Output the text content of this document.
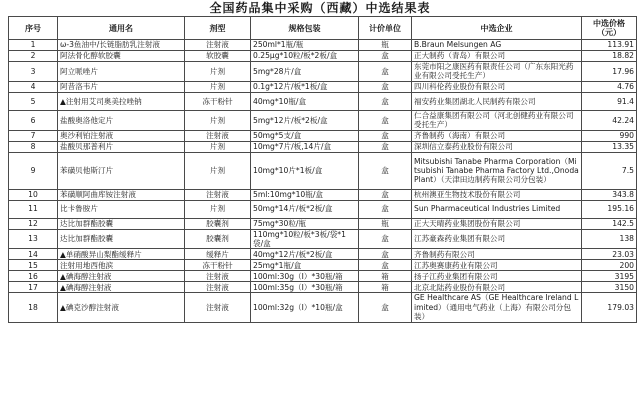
全国药品集中采购（西藏）中选结果表
序号	通用名	剂型	规格包装	计价单位	中选企业	中选价格（元）
1	ω-3鱼油中/长链脂肪乳注射液	注射液	250ml*1瓶/瓶	瓶	B.Braun Melsungen AG	113.91
2	阿法骨化醇软胶囊	软胶囊	0.25μg*10粒/板*2板/盒	盒	正大制药（青岛）有限公司	18.82
3	阿立哌唑片	片剂	5mg*28片/盒	盒	东莞市阳之康医药有限责任公司（广东东阳光药业有限公司受托生产）	17.96
4	阿昔洛韦片	片剂	0.1g*12片/板*1板/盒	盒	四川科伦药业股份有限公司	4.76
5	▲注射用艾司奥美拉唑钠	冻干粉针	40mg*10瓶/盒	盒	福安药业集团湖北人民制药有限公司	91.4
6	盐酸奥洛他定片	片剂	5mg*12片/板*2板/盒	盒	仁合益康集团有限公司（河北创健药业有限公司受托生产）	42.24
7	奥沙利铂注射液	注射液	50mg*5支/盒	盒	齐鲁制药（海南）有限公司	990
8	盐酸贝那普利片	片剂	10mg*7片/板,14片/盒	盒	深圳信立泰药业股份有限公司	13.35
9	苯磺贝他斯汀片	片剂	10mg*10片*1板/盒	盒	Mitsubishi Tanabe Pharma Corporation（Mitsubishi Tanabe Pharma Factory Ltd.,Onoda Plant）（天津田边制药有限公司分包装）	7.5
10	苯磺顺阿曲库铵注射液	注射液	5ml:10mg*10瓶/盒	盒	杭州澳亚生物技术股份有限公司	343.8
11	比卡鲁胺片	片剂	50mg*14片/板*2板/盒	盒	Sun Pharmaceutical Industries Limited	195.16
12	达比加群酯胶囊	胶囊剂	75mg*30粒/瓶	瓶	正大天晴药业集团股份有限公司	142.5
13	达比加群酯胶囊	胶囊剂	110mg*10粒/板*3板/袋*1袋/盒	盒	江苏豪森药业集团有限公司	138
14	▲单硝酸异山梨酯缓释片	缓释片	40mg*12片/板*2板/盒	盒	齐鲁制药有限公司	23.03
15	注射用地西他滨	冻干粉针	25mg*1瓶/盒	盒	江苏奥赛康药业有限公司	200
16	▲碘海醇注射液	注射液	100ml:30g（I）*30瓶/箱	箱	扬子江药业集团有限公司	3195
17	▲碘海醇注射液	注射液	100ml:35g（I）*30瓶/箱	箱	北京北陆药业股份有限公司	3150
18	▲碘克沙醇注射液	注射液	100ml:32g（I）*10瓶/盒	盒	GE Healthcare AS（GE Healthcare Ireland Limited）（通用电气药业（上海）有限公司分包装）	179.03
